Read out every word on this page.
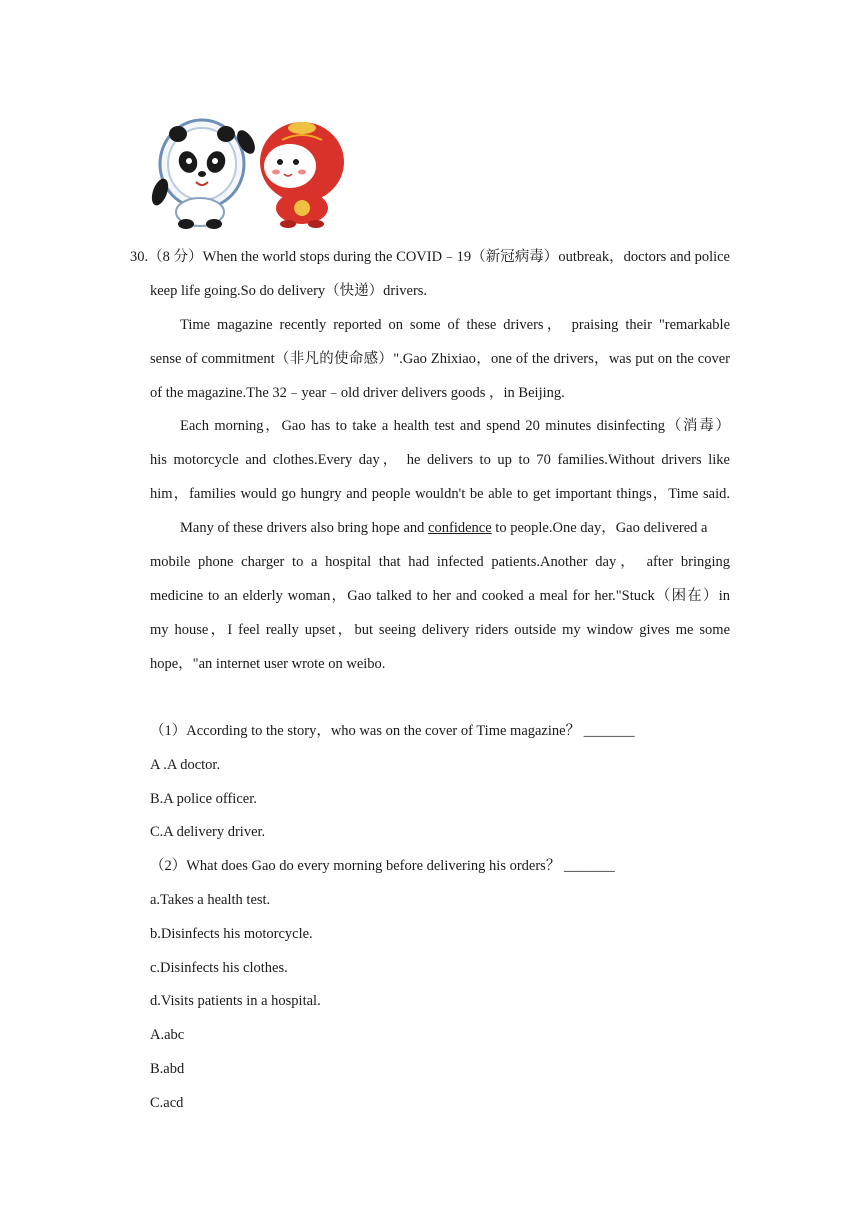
30.（8 分）When the world stops during the COVID﹣19（新冠病毒）outbreak，doctors and police
keep life going.So do delivery（快递）drivers.
Time magazine recently reported on some of these drivers， praising their "remarkable
sense of commitment（非凡的使命感）".Gao Zhixiao，one of the drivers，was put on the cover
of the magazine.The 32﹣year﹣old driver delivers goods ，in Beijing.
Each morning，Gao has to take a health test and spend 20 minutes disinfecting（消毒）
his motorcycle and clothes.Every day， he delivers to up to 70 families.Without drivers like
him，families would go hungry and people wouldn't be able to get important things，Time said.
Many of these drivers also bring hope and confidence to people.One day，Gao delivered a
mobile phone charger to a hospital that had infected patients.Another day， after bringing
medicine to an elderly woman，Gao talked to her and cooked a meal for her."Stuck（困在）in
my house，I feel really upset，but seeing delivery riders outside my window gives me some
hope，"an internet user wrote on weibo.
（1）According to the story，who was on the cover of Time magazine？ _______
A .A doctor.
B.A police officer.
C.A delivery driver.
（2）What does Gao do every morning before delivering his orders？ _______
a.Takes a health test.
b.Disinfects his motorcycle.
c.Disinfects his clothes.
d.Visits patients in a hospital.
A.abc
B.abd
C.acd
